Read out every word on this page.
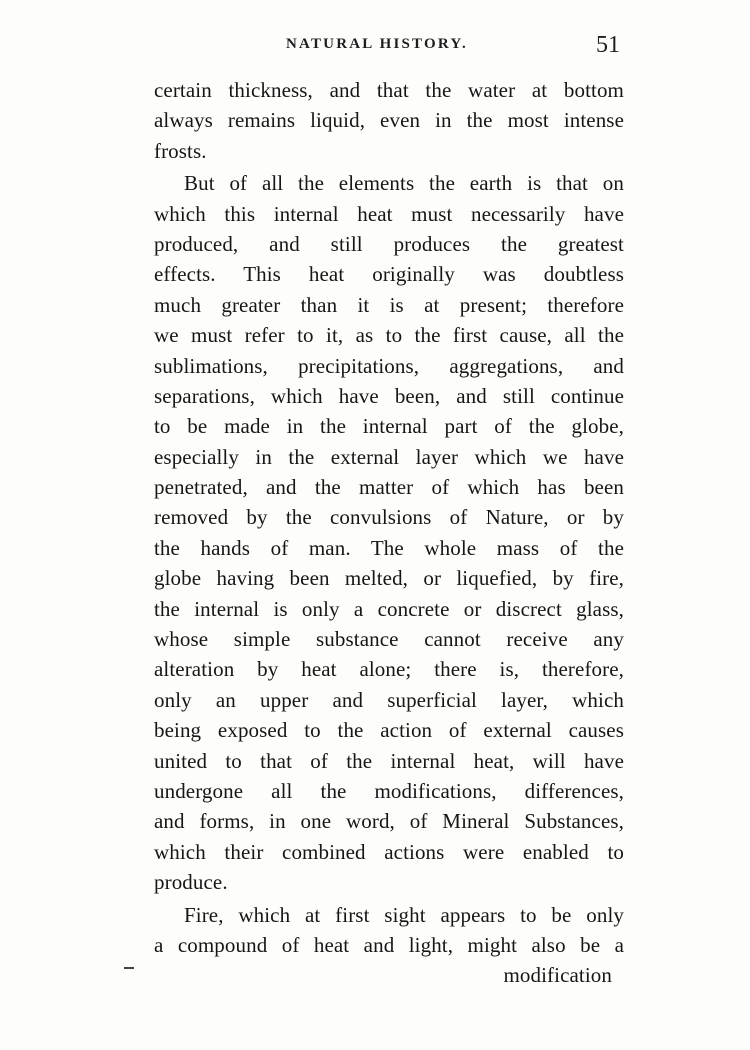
NATURAL HISTORY.	51
certain thickness, and that the water at bottom
always remains liquid, even in the most intense
frosts.
But of all the elements the earth is that on
which this internal heat must necessarily have
produced, and still produces the greatest
effects. This heat originally was doubtless
much greater than it is at present; therefore
we must refer to it, as to the first cause, all the
sublimations, precipitations, aggregations, and
separations, which have been, and still continue
to be made in the internal part of the globe,
especially in the external layer which we have
penetrated, and the matter of which has been
removed by the convulsions of Nature, or by
the hands of man. The whole mass of the
globe having been melted, or liquefied, by fire,
the internal is only a concrete or discrect glass,
whose simple substance cannot receive any
alteration by heat alone; there is, therefore,
only an upper and superficial layer, which
being exposed to the action of external causes
united to that of the internal heat, will have
undergone all the modifications, differences,
and forms, in one word, of Mineral Substances,
which their combined actions were enabled to
produce.
Fire, which at first sight appears to be only
a compound of heat and light, might also be a
modification
